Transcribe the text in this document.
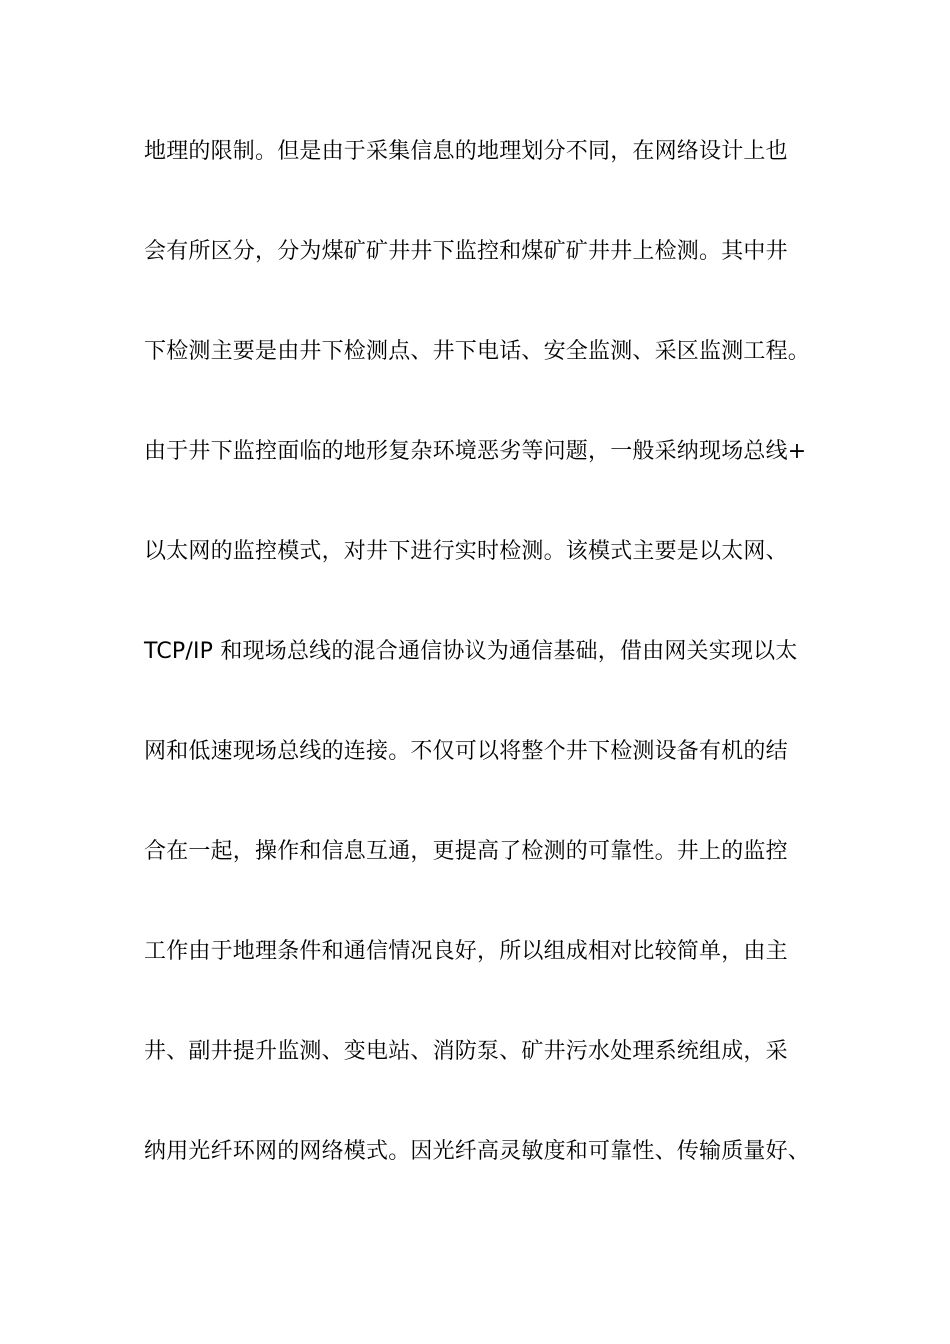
地理的限制。但是由于采集信息的地理划分不同，在网络设计上也
会有所区分，分为煤矿矿井井下监控和煤矿矿井井上检测。其中井
下检测主要是由井下检测点、井下电话、安全监测、采区监测工程。
由于井下监控面临的地形复杂环境恶劣等问题，一般采纳现场总线+
以太网的监控模式，对井下进行实时检测。该模式主要是以太网、
TCP/IP 和现场总线的混合通信协议为通信基础，借由网关实现以太
网和低速现场总线的连接。不仅可以将整个井下检测设备有机的结
合在一起，操作和信息互通，更提高了检测的可靠性。井上的监控
工作由于地理条件和通信情况良好，所以组成相对比较简单，由主
井、副井提升监测、变电站、消防泵、矿井污水处理系统组成，采
纳用光纤环网的网络模式。因光纤高灵敏度和可靠性、传输质量好、
